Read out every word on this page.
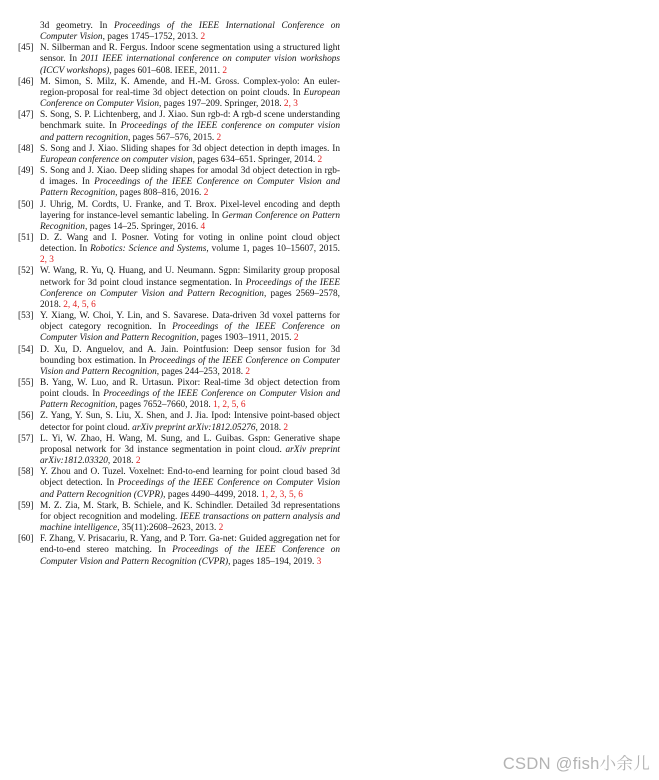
3d geometry. In Proceedings of the IEEE International Conference on Computer Vision, pages 1745–1752, 2013. 2
[45] N. Silberman and R. Fergus. Indoor scene segmentation using a structured light sensor. In 2011 IEEE international conference on computer vision workshops (ICCV workshops), pages 601–608. IEEE, 2011. 2
[46] M. Simon, S. Milz, K. Amende, and H.-M. Gross. Complex-yolo: An euler-region-proposal for real-time 3d object detection on point clouds. In European Conference on Computer Vision, pages 197–209. Springer, 2018. 2, 3
[47] S. Song, S. P. Lichtenberg, and J. Xiao. Sun rgb-d: A rgb-d scene understanding benchmark suite. In Proceedings of the IEEE conference on computer vision and pattern recognition, pages 567–576, 2015. 2
[48] S. Song and J. Xiao. Sliding shapes for 3d object detection in depth images. In European conference on computer vision, pages 634–651. Springer, 2014. 2
[49] S. Song and J. Xiao. Deep sliding shapes for amodal 3d object detection in rgb-d images. In Proceedings of the IEEE Conference on Computer Vision and Pattern Recognition, pages 808–816, 2016. 2
[50] J. Uhrig, M. Cordts, U. Franke, and T. Brox. Pixel-level encoding and depth layering for instance-level semantic labeling. In German Conference on Pattern Recognition, pages 14–25. Springer, 2016. 4
[51] D. Z. Wang and I. Posner. Voting for voting in online point cloud object detection. In Robotics: Science and Systems, volume 1, pages 10–15607, 2015. 2, 3
[52] W. Wang, R. Yu, Q. Huang, and U. Neumann. Sgpn: Similarity group proposal network for 3d point cloud instance segmentation. In Proceedings of the IEEE Conference on Computer Vision and Pattern Recognition, pages 2569–2578, 2018. 2, 4, 5, 6
[53] Y. Xiang, W. Choi, Y. Lin, and S. Savarese. Data-driven 3d voxel patterns for object category recognition. In Proceedings of the IEEE Conference on Computer Vision and Pattern Recognition, pages 1903–1911, 2015. 2
[54] D. Xu, D. Anguelov, and A. Jain. Pointfusion: Deep sensor fusion for 3d bounding box estimation. In Proceedings of the IEEE Conference on Computer Vision and Pattern Recognition, pages 244–253, 2018. 2
[55] B. Yang, W. Luo, and R. Urtasun. Pixor: Real-time 3d object detection from point clouds. In Proceedings of the IEEE Conference on Computer Vision and Pattern Recognition, pages 7652–7660, 2018. 1, 2, 5, 6
[56] Z. Yang, Y. Sun, S. Liu, X. Shen, and J. Jia. Ipod: Intensive point-based object detector for point cloud. arXiv preprint arXiv:1812.05276, 2018. 2
[57] L. Yi, W. Zhao, H. Wang, M. Sung, and L. Guibas. Gspn: Generative shape proposal network for 3d instance segmentation in point cloud. arXiv preprint arXiv:1812.03320, 2018. 2
[58] Y. Zhou and O. Tuzel. Voxelnet: End-to-end learning for point cloud based 3d object detection. In Proceedings of the IEEE Conference on Computer Vision and Pattern Recognition (CVPR), pages 4490–4499, 2018. 1, 2, 3, 5, 6
[59] M. Z. Zia, M. Stark, B. Schiele, and K. Schindler. Detailed 3d representations for object recognition and modeling. IEEE transactions on pattern analysis and machine intelligence, 35(11):2608–2623, 2013. 2
[60] F. Zhang, V. Prisacariu, R. Yang, and P. Torr. Ga-net: Guided aggregation net for end-to-end stereo matching. In Proceedings of the IEEE Conference on Computer Vision and Pattern Recognition (CVPR), pages 185–194, 2019. 3
CSDN @fish小余儿
